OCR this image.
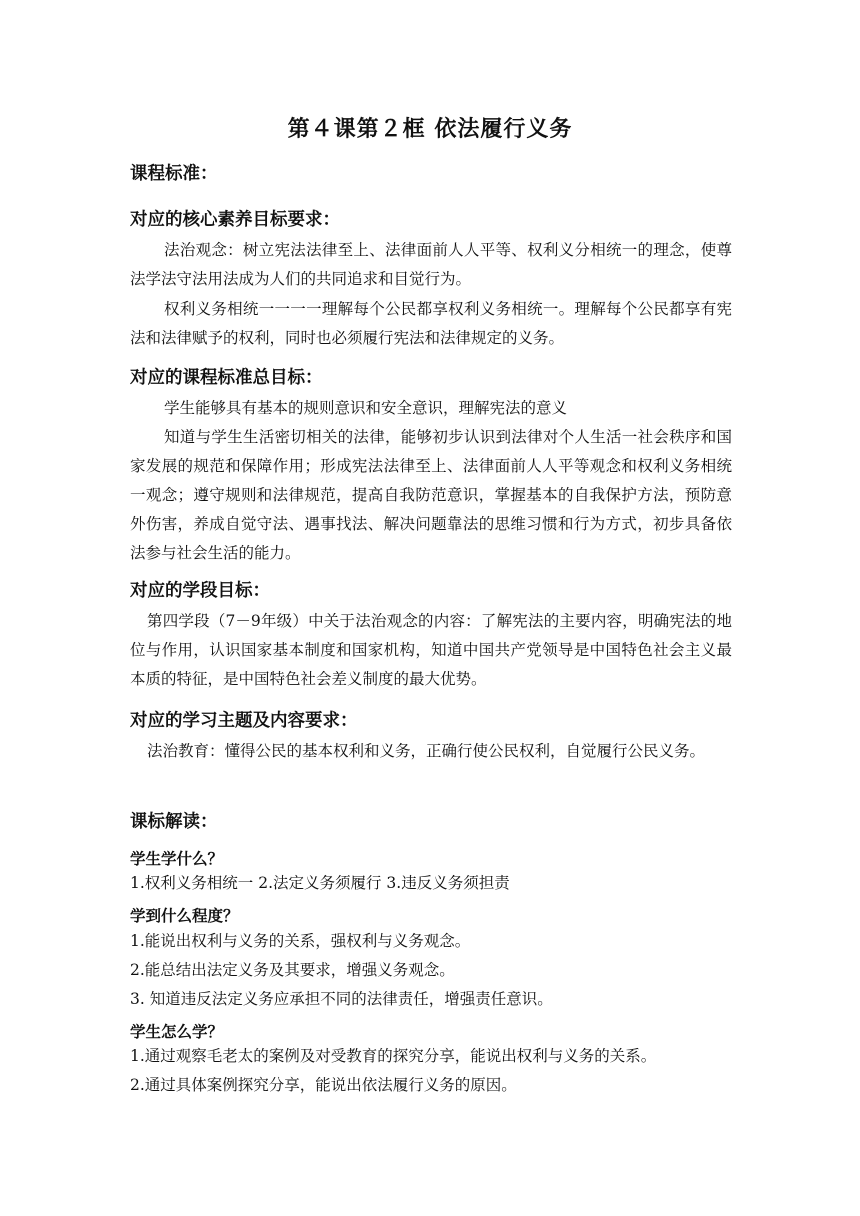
第４课第２框 依法履行义务
课程标准：
对应的核心素养目标要求：
法治观念：树立宪法法律至上、法律面前人人平等、权利义分相统一的理念，使尊法学法守法用法成为人们的共同追求和目觉行为。
权利义务相统一一一一理解每个公民都享权利义务相统一。理解每个公民都享有宪法和法律赋予的权利，同时也必须履行宪法和法律规定的义务。
对应的课程标准总目标：
学生能够具有基本的规则意识和安全意识，理解宪法的意义
知道与学生生活密切相关的法律，能够初步认识到法律对个人生活一社会秩序和国家发展的规范和保障作用；形成宪法法律至上、法律面前人人平等观念和权利义务相统一观念；遵守规则和法律规范，提高自我防范意识，掌握基本的自我保护方法，预防意外伤害，养成自觉守法、遇事找法、解决问题靠法的思维习惯和行为方式，初步具备依法参与社会生活的能力。
对应的学段目标：
第四学段（7－9年级）中关于法治观念的内容：了解宪法的主要内容，明确宪法的地位与作用，认识国家基本制度和国家机构，知道中国共产党领导是中国特色社会主义最本质的特征，是中国特色社会差义制度的最大优势。
对应的学习主题及内容要求：
法治教育：懂得公民的基本权利和义务，正确行使公民权利，自觉履行公民义务。
课标解读：
学生学什么？
1.权利义务相统一 2.法定义务须履行 3.违反义务须担责
学到什么程度？
1.能说出权利与义务的关系，强权利与义务观念。
2.能总结出法定义务及其要求，增强义务观念。
3. 知道违反法定义务应承担不同的法律责任，增强责任意识。
学生怎么学？
1.通过观察毛老太的案例及对受教育的探究分享，能说出权利与义务的关系。
2.通过具体案例探究分享，能说出依法履行义务的原因。
